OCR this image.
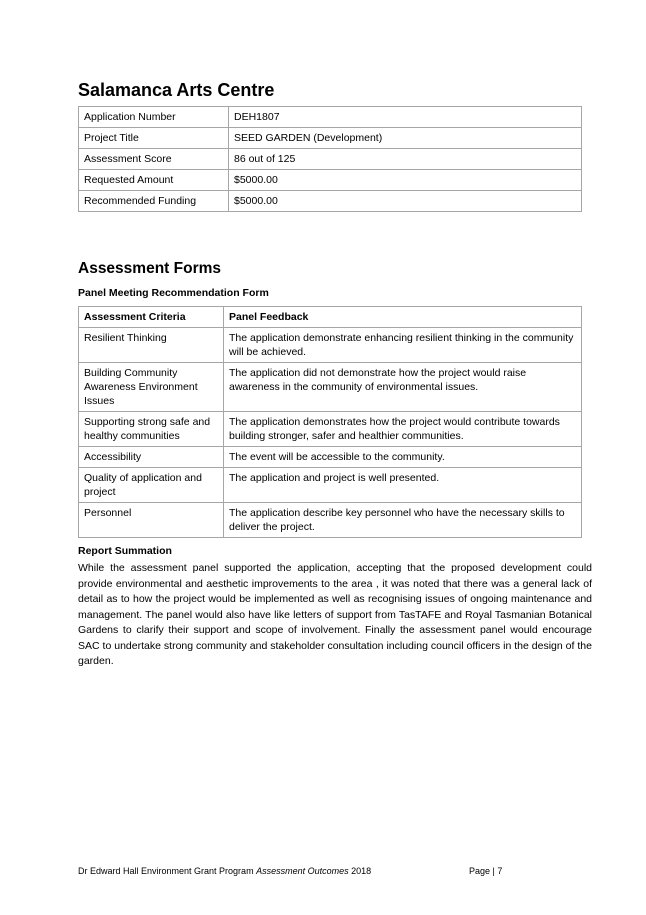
Salamanca Arts Centre
Application Number	DEH1807
Project Title	SEED GARDEN (Development)
Assessment Score	86 out of 125
Requested Amount	$5000.00
Recommended Funding	$5000.00
Assessment Forms
Panel Meeting Recommendation Form
Assessment Criteria	Panel Feedback
Resilient Thinking	The application demonstrate enhancing resilient thinking in the community will be achieved.
Building Community Awareness Environment Issues	The application did not demonstrate how the project would raise awareness in the community of environmental issues.
Supporting strong safe and healthy communities	The application demonstrates how the project would contribute towards building stronger, safer and healthier communities.
Accessibility	The event will be accessible to the community.
Quality of application and project	The application and project is well presented.
Personnel	The application describe key personnel who have the necessary skills to deliver the project.
Report Summation

While the assessment panel supported the application, accepting that the proposed development could provide environmental and aesthetic improvements to the area , it was noted that there was a general lack of detail as to how the project would be implemented as well as recognising issues of ongoing maintenance and management. The panel would also have like letters of support from TasTAFE and Royal Tasmanian Botanical Gardens to clarify their support and scope of involvement. Finally the assessment panel would encourage SAC to undertake strong community and stakeholder consultation including council officers in the design of the garden.

Dr Edward Hall Environment Grant Program Assessment Outcomes 2018	Page | 7
